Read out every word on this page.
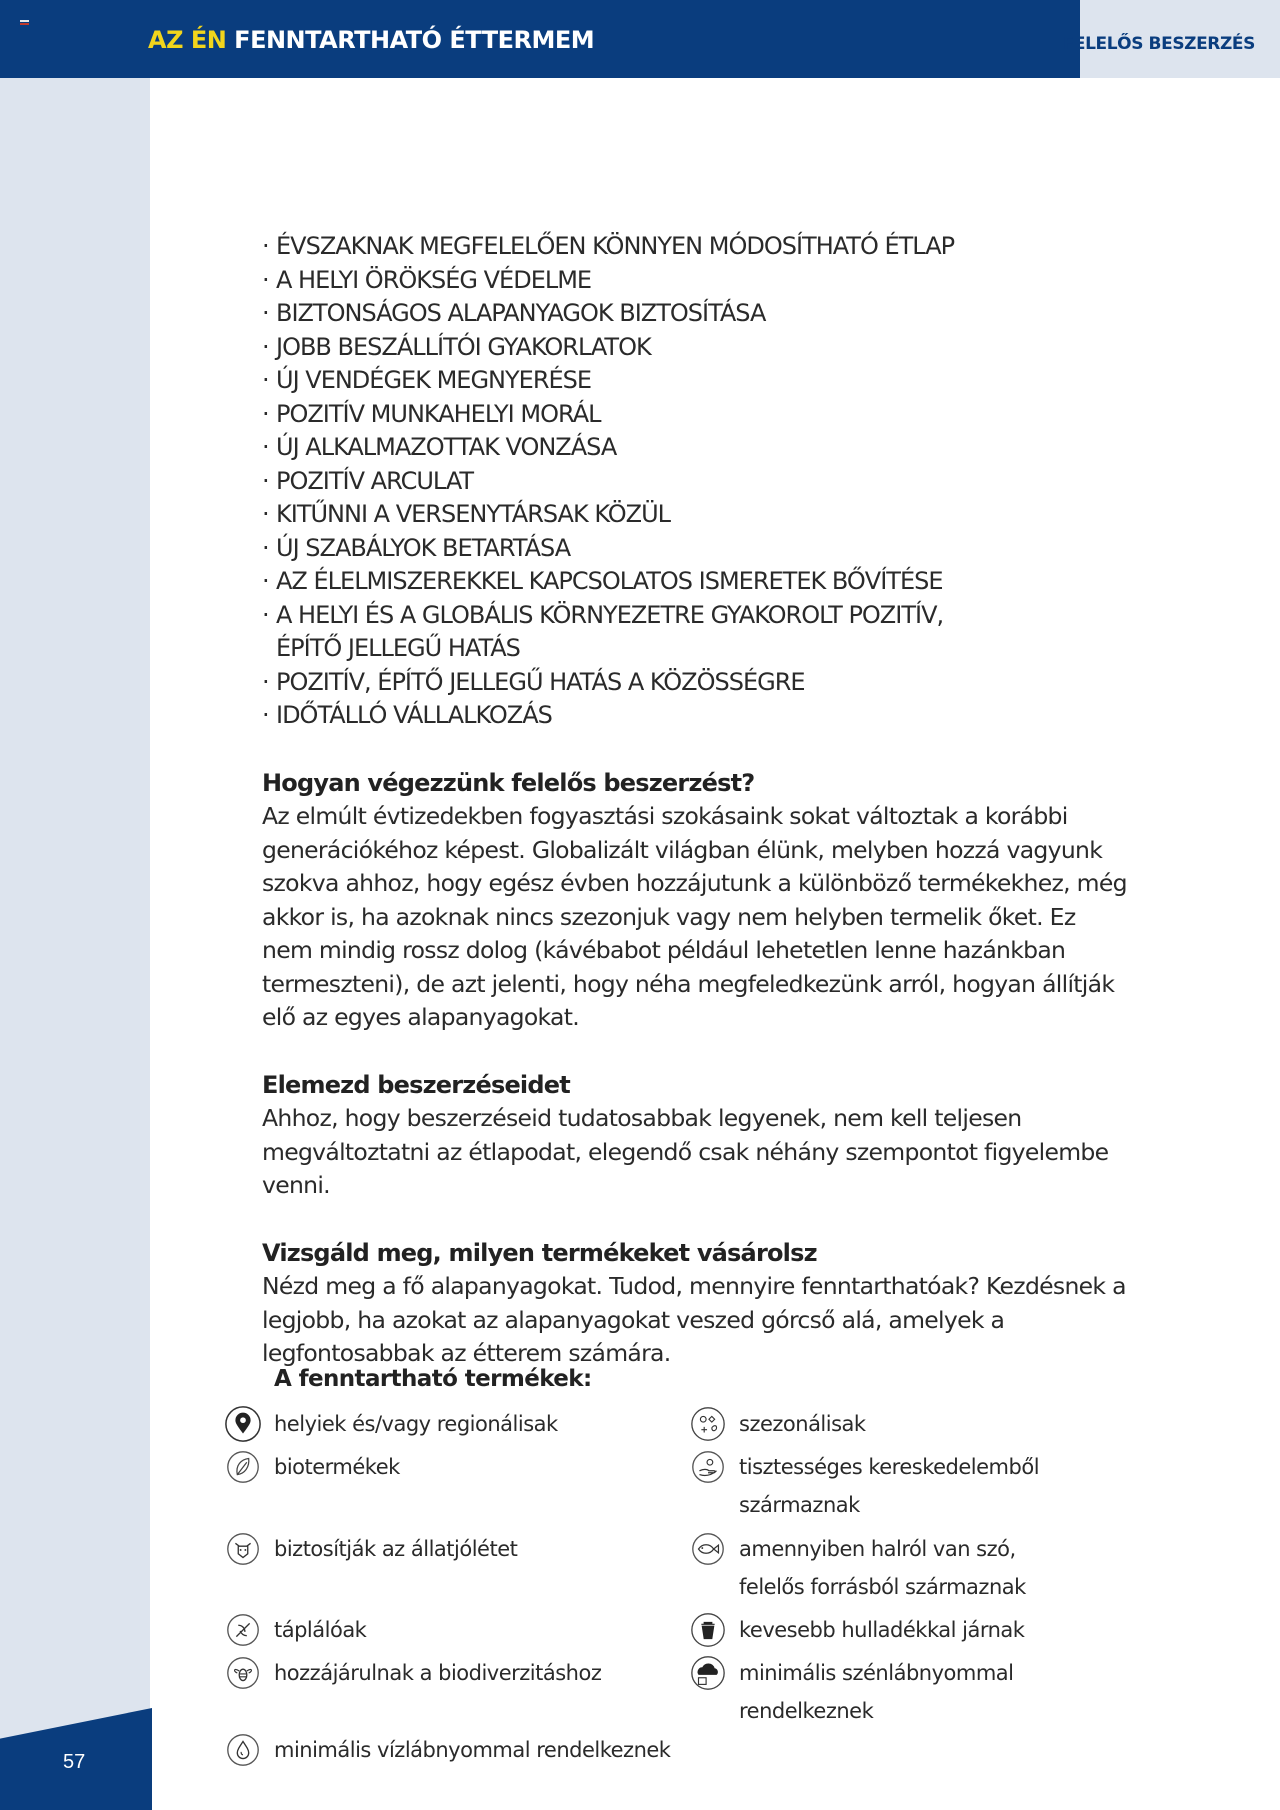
AZ ÉN FENNTARTHATÓ ÉTTERMEM	FELELŐS BESZERZÉS
57
· ÉVSZAKNAK MEGFELELŐEN KÖNNYEN MÓDOSÍTHATÓ ÉTLAP
· A HELYI ÖRÖKSÉG VÉDELME
· BIZTONSÁGOS ALAPANYAGOK BIZTOSÍTÁSA
· JOBB BESZÁLLÍTÓI GYAKORLATOK
· ÚJ VENDÉGEK MEGNYERÉSE
· POZITÍV MUNKAHELYI MORÁL
· ÚJ ALKALMAZOTTAK VONZÁSA
· POZITÍV ARCULAT
· KITŰNNI A VERSENYTÁRSAK KÖZÜL
· ÚJ SZABÁLYOK BETARTÁSA
· AZ ÉLELMISZEREKKEL KAPCSOLATOS ISMERETEK BŐVÍTÉSE
· A HELYI ÉS A GLOBÁLIS KÖRNYEZETRE GYAKOROLT POZITÍV,
ÉPÍTŐ JELLEGŰ HATÁS
· POZITÍV, ÉPÍTŐ JELLEGŰ HATÁS A KÖZÖSSÉGRE
· IDŐTÁLLÓ VÁLLALKOZÁS
Hogyan végezzünk felelős beszerzést?

Az elmúlt évtizedekben fogyasztási szokásaink sokat változtak a korábbi generációkéhoz képest. Globalizált világban élünk, melyben hozzá vagyunk szokva ahhoz, hogy egész évben hozzájutunk a különböző termékekhez, még akkor is, ha azoknak nincs szezonjuk vagy nem helyben termelik őket. Ez nem mindig rossz dolog (kávébabot például lehetetlen lenne hazánkban termeszteni), de azt jelenti, hogy néha megfeledkezünk arról, hogyan állítják elő az egyes alapanyagokat.

Elemezd beszerzéseidet

Ahhoz, hogy beszerzéseid tudatosabbak legyenek, nem kell teljesen megváltoztatni az étlapodat, elegendő csak néhány szempontot figyelembe venni.

Vizsgáld meg, milyen termékeket vásárolsz

Nézd meg a fő alapanyagokat. Tudod, mennyire fenntarthatóak? Kezdésnek a legjobb, ha azokat az alapanyagokat veszed górcső alá, amelyek a legfontosabbak az étterem számára.

A fenntartható termékek:
helyiek és/vagy regionálisak
biotermékek
biztosítják az állatjólétet
táplálóak
hozzájárulnak a biodiverzitáshoz
minimális vízlábnyommal rendelkeznek
szezonálisak
tisztességes kereskedelemből
származnak
amennyiben halról van szó,
felelős forrásból származnak
kevesebb hulladékkal járnak
minimális szénlábnyommal
rendelkeznek
